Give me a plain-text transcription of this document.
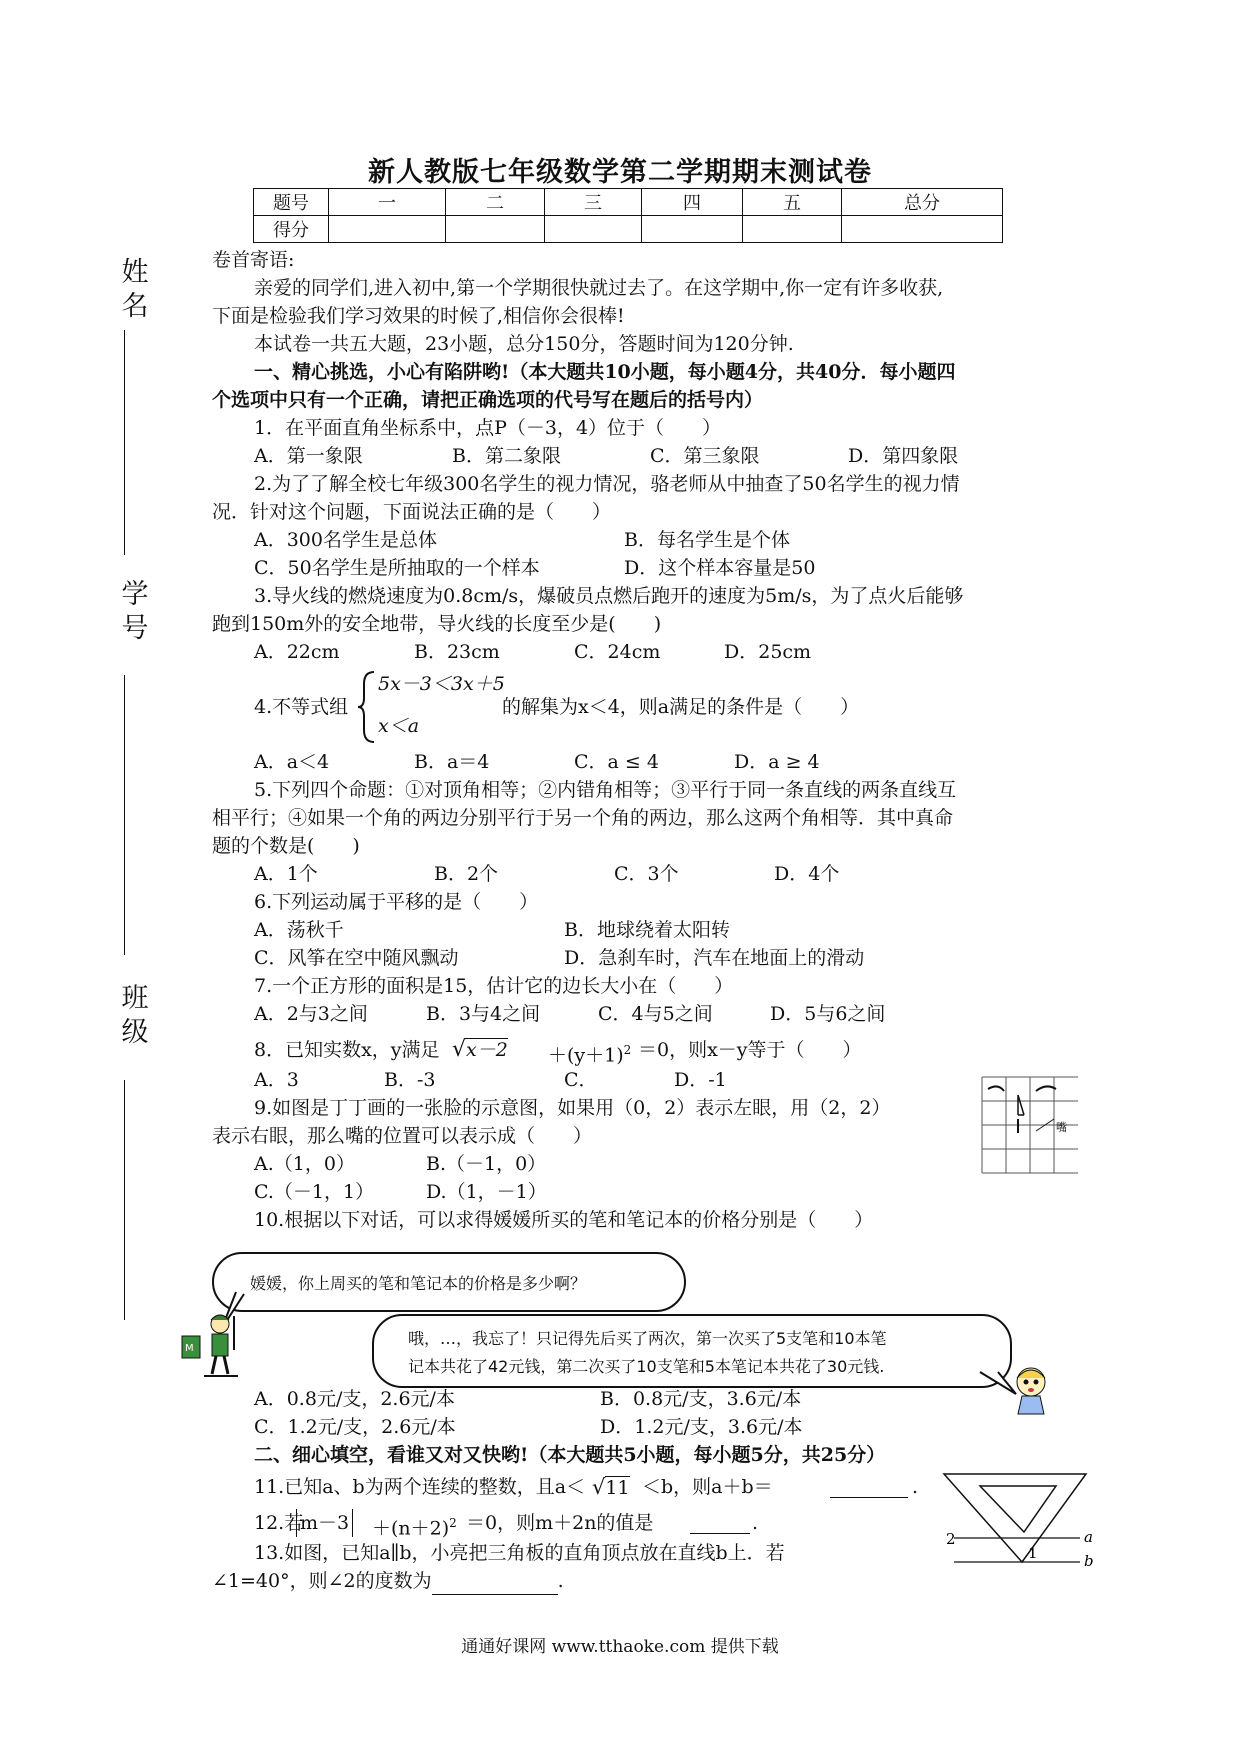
新人教版七年级数学第二学期期末测试卷
题号	一	二	三	四	五	总分
得分						
姓
名
学
号
班
级
卷首寄语:
亲爱的同学们,进入初中,第一个学期很快就过去了。在这学期中,你一定有许多收获,
下面是检验我们学习效果的时候了,相信你会很棒!
本试卷一共五大题，23小题，总分150分，答题时间为120分钟.
一、精心挑选，小心有陷阱哟!（本大题共10小题，每小题4分，共40分．每小题四
个选项中只有一个正确，请把正确选项的代号写在题后的括号内）
1．在平面直角坐标系中，点P（－3，4）位于（　　）
A．第一象限	B．第二象限	C．第三象限	D．第四象限
2.为了了解全校七年级300名学生的视力情况，骆老师从中抽查了50名学生的视力情
况．针对这个问题，下面说法正确的是（　　）
A．300名学生是总体	B．每名学生是个体
C．50名学生是所抽取的一个样本	D．这个样本容量是50
3.导火线的燃烧速度为0.8cm/s，爆破员点燃后跑开的速度为5m/s，为了点火后能够
跑到150m外的安全地带，导火线的长度至少是(　　)
A．22cm	B．23cm	C．24cm	D．25cm
4.不等式组
5x－3＜3x＋5
x＜a
的解集为x＜4，则a满足的条件是（　　）
A．a＜4	B．a＝4	C．a ≤ 4	D．a ≥ 4
5.下列四个命题：①对顶角相等；②内错角相等；③平行于同一条直线的两条直线互
相平行；④如果一个角的两边分别平行于另一个角的两边，那么这两个角相等．其中真命
题的个数是(　　)
A．1个	B．2个	C．3个	D．4个
6.下列运动属于平移的是（　　）
A．荡秋千	B．地球绕着太阳转
C．风筝在空中随风飘动	D．急刹车时，汽车在地面上的滑动
7.一个正方形的面积是15，估计它的边长大小在（　　）
A．2与3之间	B．3与4之间	C．4与5之间	D．5与6之间
8．已知实数x，y满足 $√x-2 +(y+1)^2 =0$，则x－y等于（　　）
A．3	B．-3	C．	D．-1
9.如图是丁丁画的一张脸的示意图，如果用（0，2）表示左眼，用（2，2）
表示右眼，那么嘴的位置可以表示成（　　）
A.（1，0）	B.（－1，0）
C.（－1，1）	D.（1，－1）
10.根据以下对话，可以求得媛媛所买的笔和笔记本的价格分别是（　　）
嘴
媛媛，你上周买的笔和笔记本的价格是多少啊？
M
哦，…，我忘了！只记得先后买了两次，第一次买了5支笔和10本笔
记本共花了42元钱，第二次买了10支笔和5本笔记本共花了30元钱.
A．0.8元/支，2.6元/本	B．0.8元/支，3.6元/本
C．1.2元/支，2.6元/本	D．1.2元/支，3.6元/本
二、细心填空，看谁又对又快哟!（本大题共5小题，每小题5分，共25分）
11.已知a、b为两个连续的整数，且a＜ √11 ＜b，则a＋b＝	.
12.若
$m-3 +(n+2)^2 =0$，则m＋2n的值是	.
13.如图，已知a∥b，小亮把三角板的直角顶点放在直线b上．若
∠1=40°，则∠2的度数为	.
2
1
a
b
通通好课网 www.tthaoke.com 提供下载
